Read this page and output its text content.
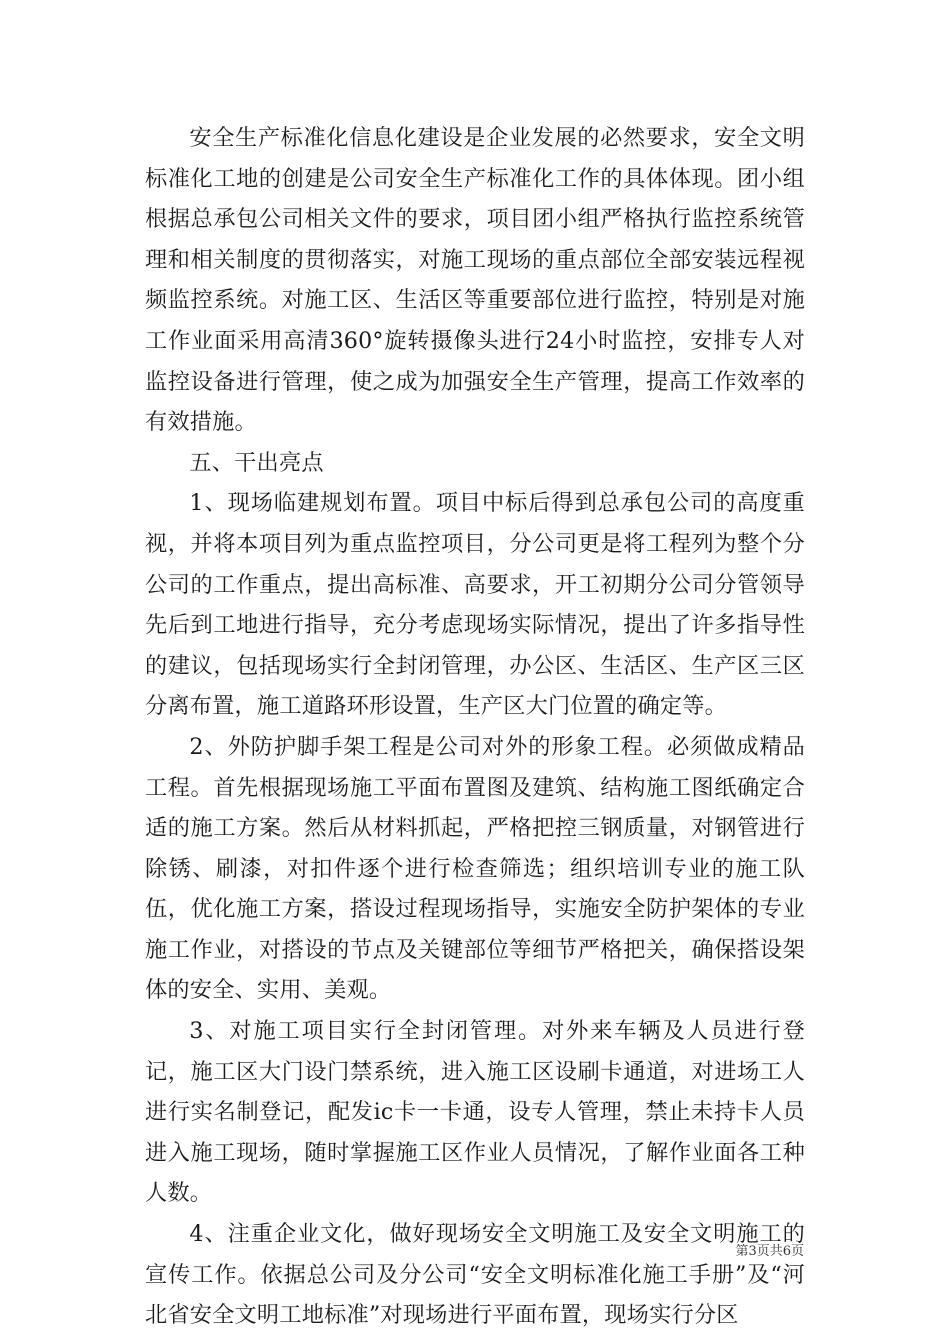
安全生产标准化信息化建设是企业发展的必然要求，安全文明标准化工地的创建是公司安全生产标准化工作的具体体现。团小组根据总承包公司相关文件的要求，项目团小组严格执行监控系统管理和相关制度的贯彻落实，对施工现场的重点部位全部安装远程视频监控系统。对施工区、生活区等重要部位进行监控，特别是对施工作业面采用高清360°旋转摄像头进行24小时监控，安排专人对监控设备进行管理，使之成为加强安全生产管理，提高工作效率的有效措施。

五、干出亮点

1、现场临建规划布置。项目中标后得到总承包公司的高度重视，并将本项目列为重点监控项目，分公司更是将工程列为整个分公司的工作重点，提出高标准、高要求，开工初期分公司分管领导先后到工地进行指导，充分考虑现场实际情况，提出了许多指导性的建议，包括现场实行全封闭管理，办公区、生活区、生产区三区分离布置，施工道路环形设置，生产区大门位置的确定等。

2、外防护脚手架工程是公司对外的形象工程。必须做成精品工程。首先根据现场施工平面布置图及建筑、结构施工图纸确定合适的施工方案。然后从材料抓起，严格把控三钢质量，对钢管进行除锈、刷漆，对扣件逐个进行检查筛选；组织培训专业的施工队伍，优化施工方案，搭设过程现场指导，实施安全防护架体的专业施工作业，对搭设的节点及关键部位等细节严格把关，确保搭设架体的安全、实用、美观。

3、对施工项目实行全封闭管理。对外来车辆及人员进行登记，施工区大门设门禁系统，进入施工区设刷卡通道，对进场工人进行实名制登记，配发ic卡一卡通，设专人管理，禁止未持卡人员进入施工现场，随时掌握施工区作业人员情况，了解作业面各工种人数。

4、注重企业文化，做好现场安全文明施工及安全文明施工的宣传工作。依据总公司及分公司“安全文明标准化施工手册”及“河北省安全文明工地标准”对现场进行平面布置，现场实行分区

第3页共6页
